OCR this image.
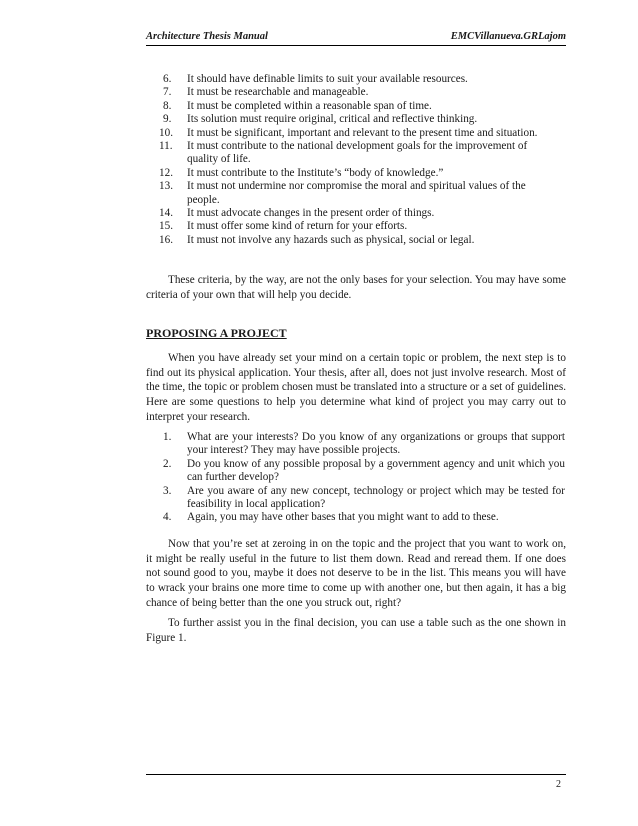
Architecture Thesis Manual	EMCVillanueva.GRLajom
6.	It should have definable limits to suit your available resources.
7.	It must be researchable and manageable.
8.	It must be completed within a reasonable span of time.
9.	Its solution must require original, critical and reflective thinking.
10. It must be significant, important and relevant to the present time and situation.
11. It must contribute to the national development goals for the improvement of quality of life.
12. It must contribute to the Institute’s “body of knowledge.”
13. It must not undermine nor compromise the moral and spiritual values of the people.
14. It must advocate changes in the present order of things.
15. It must offer some kind of return for your efforts.
16. It must not involve any hazards such as physical, social or legal.

These criteria, by the way, are not the only bases for your selection. You may have some criteria of your own that will help you decide.

PROPOSING A PROJECT

When you have already set your mind on a certain topic or problem, the next step is to find out its physical application. Your thesis, after all, does not just involve research. Most of the time, the topic or problem chosen must be translated into a structure or a set of guidelines. Here are some questions to help you determine what kind of project you may carry out to interpret your research.

1.	What are your interests? Do you know of any organizations or groups that support your interest? They may have possible projects.
2.	Do you know of any possible proposal by a government agency and unit which you can further develop?
3.	Are you aware of any new concept, technology or project which may be tested for feasibility in local application?
4.	Again, you may have other bases that you might want to add to these.

Now that you’re set at zeroing in on the topic and the project that you want to work on, it might be really useful in the future to list them down. Read and reread them. If one does not sound good to you, maybe it does not deserve to be in the list. This means you will have to wrack your brains one more time to come up with another one, but then again, it has a big chance of being better than the one you struck out, right?

To further assist you in the final decision, you can use a table such as the one shown in Figure 1.

2
